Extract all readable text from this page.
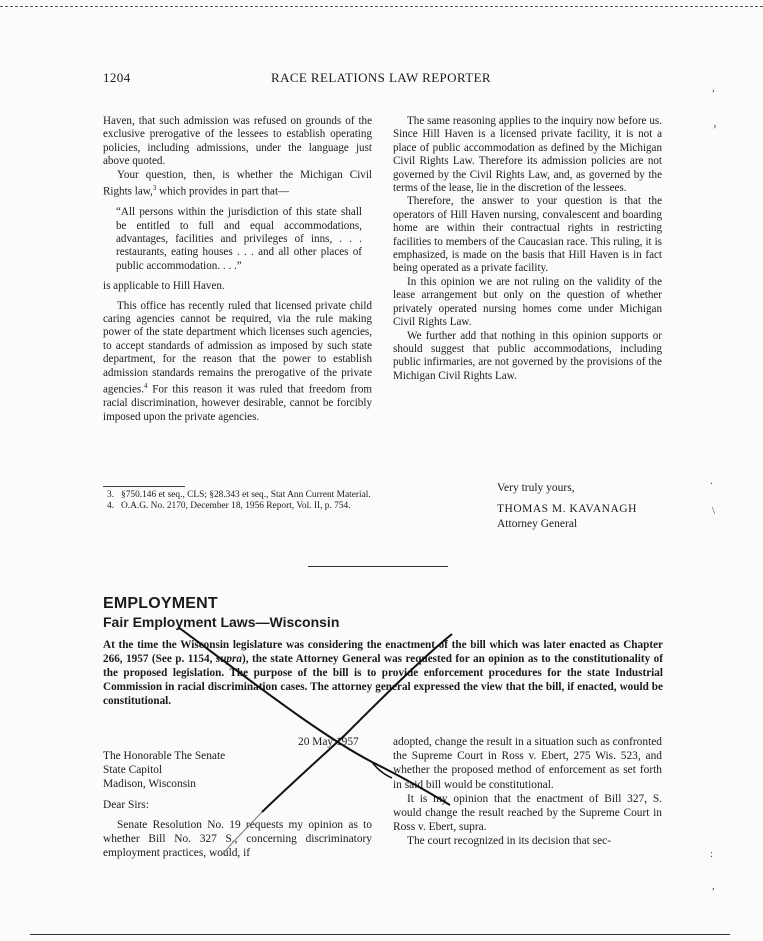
1204	RACE RELATIONS LAW REPORTER

Haven, that such admission was refused on grounds of the exclusive prerogative of the lessees to establish operating policies, including admissions, under the language just above quoted.

Your question, then, is whether the Michigan Civil Rights law,$^3$ which provides in part that—

“All persons within the jurisdiction of this state shall be entitled to full and equal accommodations, advantages, facilities and privileges of inns, . . . restaurants, eating houses . . . and all other places of public accommodation. . . .”

is applicable to Hill Haven.

This office has recently ruled that licensed private child caring agencies cannot be required, via the rule making power of the state department which licenses such agencies, to accept standards of admission as imposed by such state department, for the reason that the power to establish admission standards remains the prerogative of the private agencies.$^4$ For this reason it was ruled that freedom from racial discrimination, however desirable, cannot be forcibly imposed upon the private agencies.

3. §750.146 et seq., CLS; §28.343 et seq., Stat Ann Current Material.
4. O.A.G. No. 2170, December 18, 1956 Report, Vol. II, p. 754.

The same reasoning applies to the inquiry now before us. Since Hill Haven is a licensed private facility, it is not a place of public accommodation as defined by the Michigan Civil Rights Law. Therefore its admission policies are not governed by the Civil Rights Law, and, as governed by the terms of the lease, lie in the discretion of the lessees.

Therefore, the answer to your question is that the operators of Hill Haven nursing, convalescent and boarding home are within their contractual rights in restricting facilities to members of the Caucasian race. This ruling, it is emphasized, is made on the basis that Hill Haven is in fact being operated as a private facility.

In this opinion we are not ruling on the validity of the lease arrangement but only on the question of whether privately operated nursing homes come under Michigan Civil Rights Law.

We further add that nothing in this opinion supports or should suggest that public accommodations, including public infirmaries, are not governed by the provisions of the Michigan Civil Rights Law.

Very truly yours,
THOMAS M. KAVANAGH
Attorney General
EMPLOYMENT
Fair Employment Laws—Wisconsin
At the time the Wisconsin legislature was considering the enactment of the bill which was later enacted as Chapter 266, 1957 (See p. 1154, supra), the state Attorney General was requested for an opinion as to the constitutionality of the proposed legislation. The purpose of the bill is to provide enforcement procedures for the state Industrial Commission in racial discrimination cases. The attorney general expressed the view that the bill, if enacted, would be constitutional.
20 May 1957

The Honorable The Senate

State Capitol

Madison, Wisconsin

Dear Sirs:
Senate Resolution No. 19 requests my opinion as to whether Bill No. 327 S., concerning discriminatory employment practices, would, if

adopted, change the result in a situation such as confronted the Supreme Court in Ross v. Ebert, 275 Wis. 523, and whether the proposed method of enforcement as set forth in said bill would be constitutional.

It is my opinion that the enactment of Bill 327, S. would change the result reached by the Supreme Court in Ross v. Ebert, supra.

The court recognized in its decision that sec-

,
›
.
\
:
,
